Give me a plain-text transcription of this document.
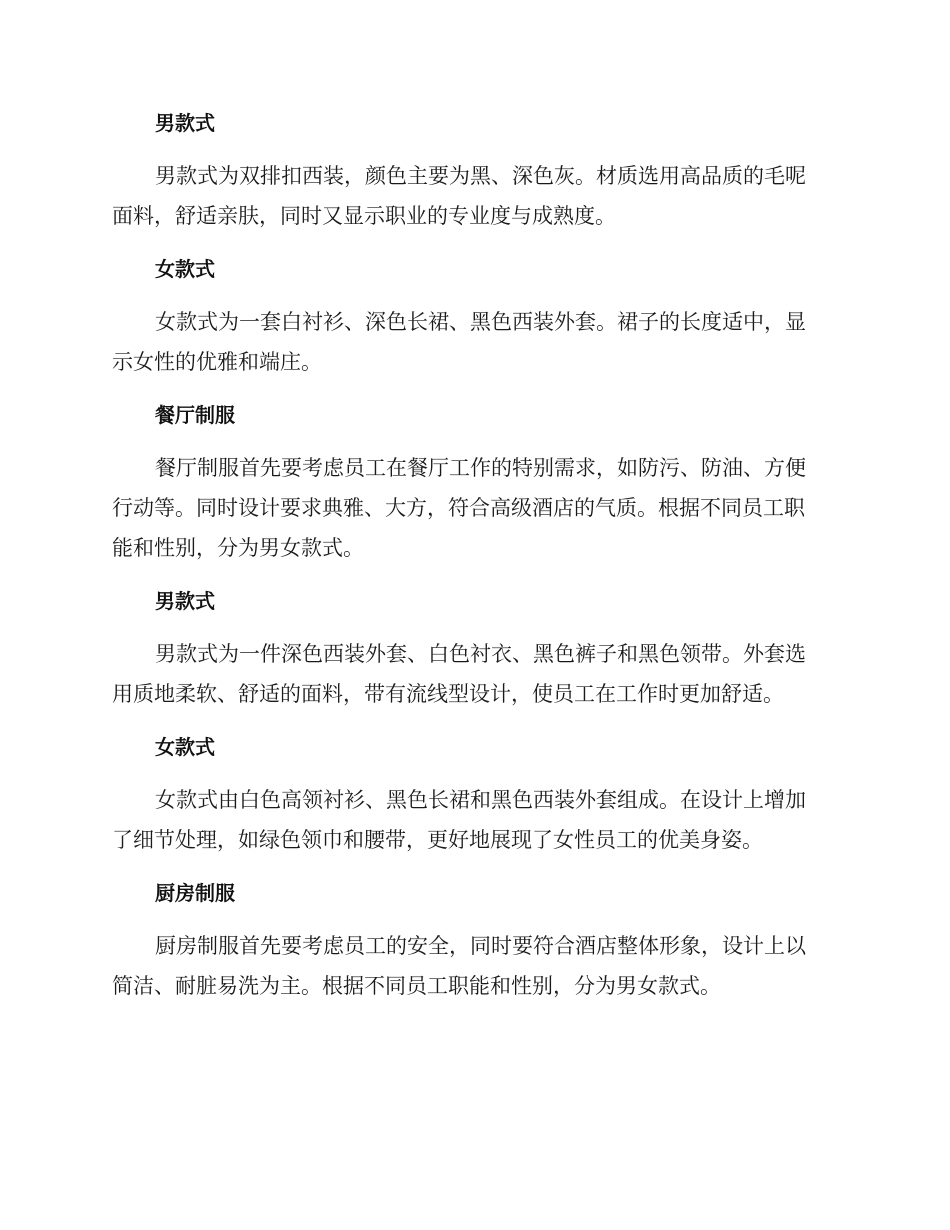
男款式
男款式为双排扣西装，颜色主要为黑、深色灰。材质选用高品质的毛呢
面料，舒适亲肤，同时又显示职业的专业度与成熟度。
女款式
女款式为一套白衬衫、深色长裙、黑色西装外套。裙子的长度适中，显
示女性的优雅和端庄。
餐厅制服
餐厅制服首先要考虑员工在餐厅工作的特别需求，如防污、防油、方便
行动等。同时设计要求典雅、大方，符合高级酒店的气质。根据不同员工职
能和性别，分为男女款式。
男款式
男款式为一件深色西装外套、白色衬衣、黑色裤子和黑色领带。外套选
用质地柔软、舒适的面料，带有流线型设计，使员工在工作时更加舒适。
女款式
女款式由白色高领衬衫、黑色长裙和黑色西装外套组成。在设计上增加
了细节处理，如绿色领巾和腰带，更好地展现了女性员工的优美身姿。
厨房制服
厨房制服首先要考虑员工的安全，同时要符合酒店整体形象，设计上以
简洁、耐脏易洗为主。根据不同员工职能和性别，分为男女款式。
